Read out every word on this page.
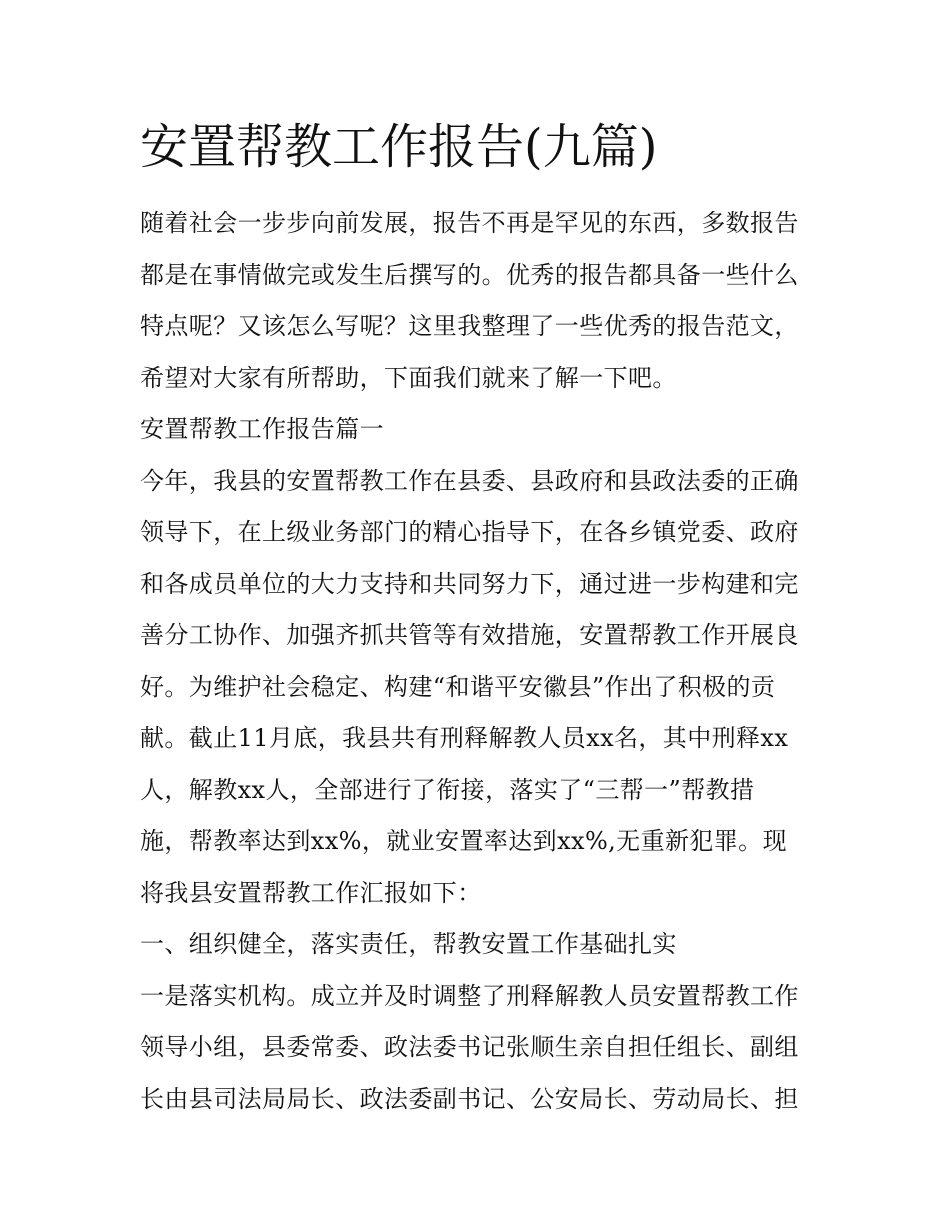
安置帮教工作报告(九篇)
随着社会一步步向前发展，报告不再是罕见的东西，多数报告
都是在事情做完或发生后撰写的。优秀的报告都具备一些什么
特点呢？又该怎么写呢？这里我整理了一些优秀的报告范文，
希望对大家有所帮助，下面我们就来了解一下吧。
安置帮教工作报告篇一
今年，我县的安置帮教工作在县委、县政府和县政法委的正确
领导下，在上级业务部门的精心指导下，在各乡镇党委、政府
和各成员单位的大力支持和共同努力下，通过进一步构建和完
善分工协作、加强齐抓共管等有效措施，安置帮教工作开展良
好。为维护社会稳定、构建“和谐平安徽县”作出了积极的贡
献。截止11月底，我县共有刑释解教人员xx名，其中刑释xx
人，解教xx人，全部进行了衔接，落实了“三帮一”帮教措
施，帮教率达到xx%，就业安置率达到xx%,无重新犯罪。现
将我县安置帮教工作汇报如下：
一、组织健全，落实责任，帮教安置工作基础扎实
一是落实机构。成立并及时调整了刑释解教人员安置帮教工作
领导小组，县委常委、政法委书记张顺生亲自担任组长、副组
长由县司法局局长、政法委副书记、公安局长、劳动局长、担
